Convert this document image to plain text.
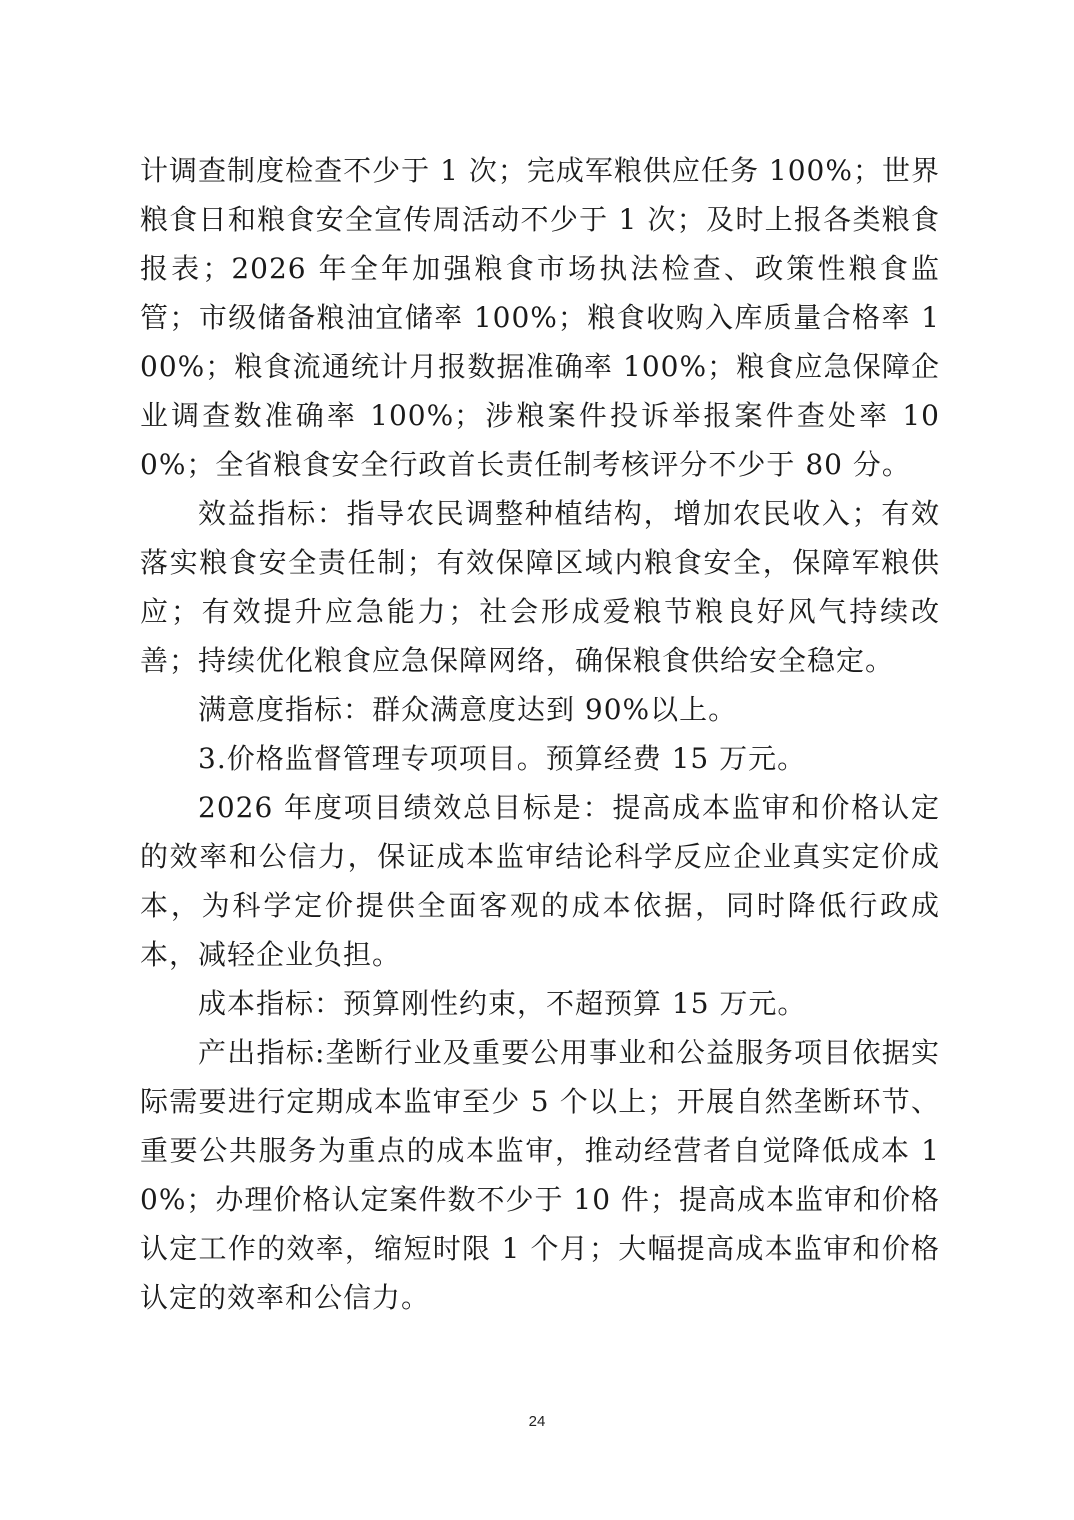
计调查制度检查不少于 1 次；完成军粮供应任务 100%；世界粮食日和粮食安全宣传周活动不少于 1 次；及时上报各类粮食报表；2026 年全年加强粮食市场执法检查、政策性粮食监管；市级储备粮油宜储率 100%；粮食收购入库质量合格率 100%；粮食流通统计月报数据准确率 100%；粮食应急保障企业调查数准确率 100%；涉粮案件投诉举报案件查处率 100%；全省粮食安全行政首长责任制考核评分不少于 80 分。

效益指标：指导农民调整种植结构，增加农民收入；有效落实粮食安全责任制；有效保障区域内粮食安全，保障军粮供应；有效提升应急能力；社会形成爱粮节粮良好风气持续改善；持续优化粮食应急保障网络，确保粮食供给安全稳定。

满意度指标：群众满意度达到 90%以上。

3.价格监督管理专项项目。预算经费 15 万元。

2026 年度项目绩效总目标是：提高成本监审和价格认定的效率和公信力，保证成本监审结论科学反应企业真实定价成本，为科学定价提供全面客观的成本依据，同时降低行政成本，减轻企业负担。

成本指标：预算刚性约束，不超预算 15 万元。

产出指标:垄断行业及重要公用事业和公益服务项目依据实际需要进行定期成本监审至少 5 个以上；开展自然垄断环节、重要公共服务为重点的成本监审，推动经营者自觉降低成本 10%；办理价格认定案件数不少于 10 件；提高成本监审和价格认定工作的效率，缩短时限 1 个月；大幅提高成本监审和价格认定的效率和公信力。

24
